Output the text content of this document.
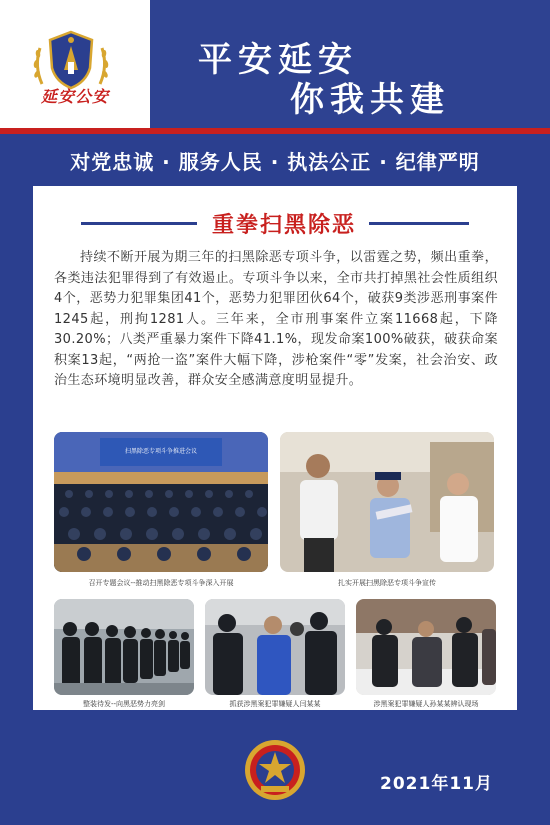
延安公安
平安延安
你我共建
对党忠诚 · 服务人民 · 执法公正 · 纪律严明
重拳扫黑除恶
持续不断开展为期三年的扫黑除恶专项斗争，以雷霆之势，频出重拳，各类违法犯罪得到了有效遏止。专项斗争以来，全市共打掉黑社会性质组织4个，恶势力犯罪集团41个，恶势力犯罪团伙64个，破获9类涉恶刑事案件1245起，刑拘1281人。三年来，全市刑事案件立案11668起，下降30.20%；八类严重暴力案件下降41.1%，现发命案100%破获，破获命案积案13起，“两抢一盗”案件大幅下降，涉枪案件“零”发案，社会治安、政治生态环境明显改善，群众安全感满意度明显提升。
扫黑除恶专项斗争推进会议
召开专题会议--推动扫黑除恶专项斗争深入开展	扎实开展扫黑除恶专项斗争宣传
整装待发--向黑恶势力亮剑	抓获涉黑案犯罪嫌疑人闫某某	涉黑案犯罪嫌疑人孙某某辨认现场
2021年11月
